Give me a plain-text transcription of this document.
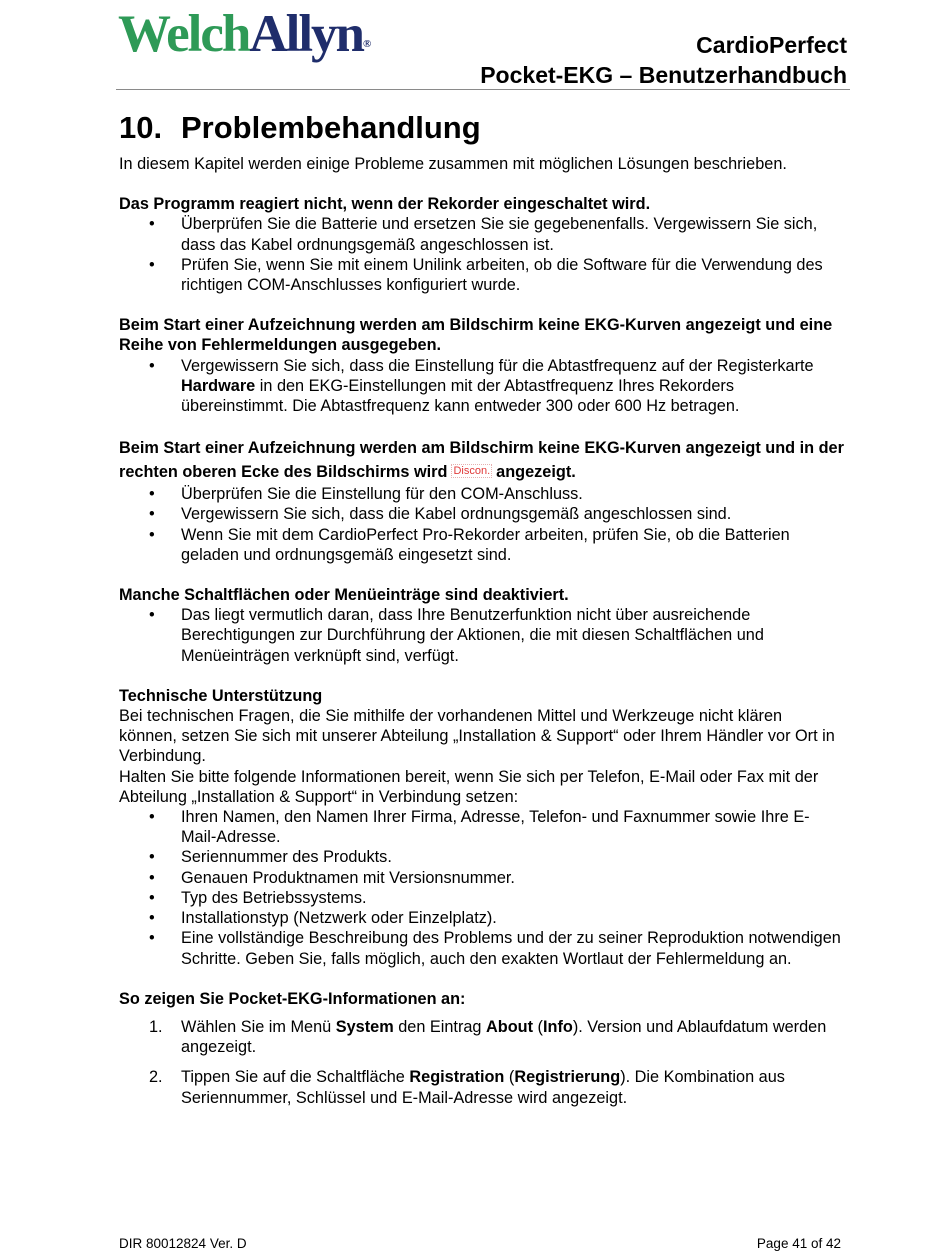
WelchAllyn®	CardioPerfect
Pocket-EKG – Benutzerhandbuch
10. Problembehandlung

In diesem Kapitel werden einige Probleme zusammen mit möglichen Lösungen beschrieben.

Das Programm reagiert nicht, wenn der Rekorder eingeschaltet wird.

• Überprüfen Sie die Batterie und ersetzen Sie sie gegebenenfalls. Vergewissern Sie sich, dass das Kabel ordnungsgemäß angeschlossen ist.
• Prüfen Sie, wenn Sie mit einem Unilink arbeiten, ob die Software für die Verwendung des richtigen COM-Anschlusses konfiguriert wurde.

Beim Start einer Aufzeichnung werden am Bildschirm keine EKG-Kurven angezeigt und eine Reihe von Fehlermeldungen ausgegeben.

• Vergewissern Sie sich, dass die Einstellung für die Abtastfrequenz auf der Registerkarte Hardware in den EKG-Einstellungen mit der Abtastfrequenz Ihres Rekorders übereinstimmt. Die Abtastfrequenz kann entweder 300 oder 600 Hz betragen.

Beim Start einer Aufzeichnung werden am Bildschirm keine EKG-Kurven angezeigt und in der rechten oberen Ecke des Bildschirms wird Discon. angezeigt.

• Überprüfen Sie die Einstellung für den COM-Anschluss.
• Vergewissern Sie sich, dass die Kabel ordnungsgemäß angeschlossen sind.
• Wenn Sie mit dem CardioPerfect Pro-Rekorder arbeiten, prüfen Sie, ob die Batterien geladen und ordnungsgemäß eingesetzt sind.

Manche Schaltflächen oder Menüeinträge sind deaktiviert.

• Das liegt vermutlich daran, dass Ihre Benutzerfunktion nicht über ausreichende Berechtigungen zur Durchführung der Aktionen, die mit diesen Schaltflächen und Menüeinträgen verknüpft sind, verfügt.

Technische Unterstützung

Bei technischen Fragen, die Sie mithilfe der vorhandenen Mittel und Werkzeuge nicht klären können, setzen Sie sich mit unserer Abteilung „Installation & Support“ oder Ihrem Händler vor Ort in Verbindung.

Halten Sie bitte folgende Informationen bereit, wenn Sie sich per Telefon, E-Mail oder Fax mit der Abteilung „Installation & Support“ in Verbindung setzen:

• Ihren Namen, den Namen Ihrer Firma, Adresse, Telefon- und Faxnummer sowie Ihre E-Mail-Adresse.
• Seriennummer des Produkts.
• Genauen Produktnamen mit Versionsnummer.
• Typ des Betriebssystems.
• Installationstyp (Netzwerk oder Einzelplatz).
• Eine vollständige Beschreibung des Problems und der zu seiner Reproduktion notwendigen Schritte. Geben Sie, falls möglich, auch den exakten Wortlaut der Fehlermeldung an.

So zeigen Sie Pocket-EKG-Informationen an:

1. Wählen Sie im Menü System den Eintrag About (Info). Version und Ablaufdatum werden angezeigt.
2. Tippen Sie auf die Schaltfläche Registration (Registrierung). Die Kombination aus Seriennummer, Schlüssel und E-Mail-Adresse wird angezeigt.
DIR 80012824 Ver. D	Page 41 of 42
